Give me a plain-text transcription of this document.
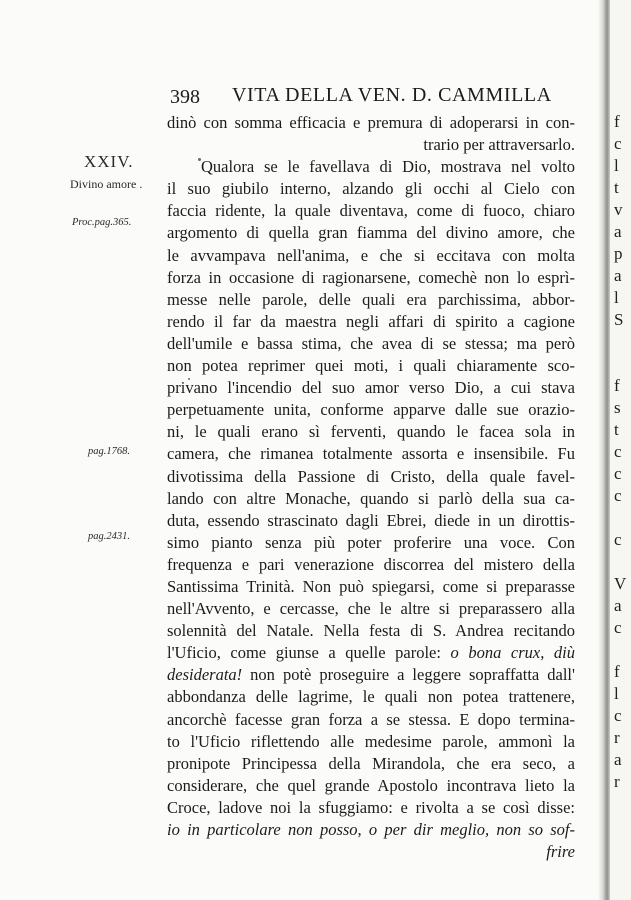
398 VITA DELLA VEN. D. CAMMILLA
XXIV.
Divino amore .
Proc.pag.365.
pag.1768.
pag.2431.
dinò con somma efficacia e premura di adoperarsi in con-
trario per attraversarlo.
Qualora se le favellava di Dio, mostrava nel volto
il suo giubilo interno, alzando gli occhi al Cielo con
faccia ridente, la quale diventava, come di fuoco, chiaro
argomento di quella gran fiamma del divino amore, che
le avvampava nell'anima, e che si eccitava con molta
forza in occasione di ragionarsene, comechè non lo esprì-
messe nelle parole, delle quali era parchissima, abbor-
rendo il far da maestra negli affari di spirito a cagione
dell'umile e bassa stima, che avea di se stessa; ma però
non potea reprimer quei moti, i quali chiaramente sco-
privano l'incendio del suo amor verso Dio, a cui stava
perpetuamente unita, conforme apparve dalle sue orazio-
ni, le quali erano sì ferventi, quando le facea sola in
camera, che rimanea totalmente assorta e insensibile. Fu
divotissima della Passione di Cristo, della quale favel-
lando con altre Monache, quando si parlò della sua ca-
duta, essendo strascinato dagli Ebrei, diede in un dirottis-
simo pianto senza più poter proferire una voce. Con
frequenza e pari venerazione discorrea del mistero della
Santissima Trinità. Non può spiegarsi, come si preparasse
nell'Avvento, e cercasse, che le altre si preparassero alla
solennità del Natale. Nella festa di S. Andrea recitando
l'Uficio, come giunse a quelle parole: o bona crux, diù
desiderata! non potè proseguire a leggere sopraffatta dall'
abbondanza delle lagrime, le quali non potea trattenere,
ancorchè facesse gran forza a se stessa. E dopo termina-
to l'Uficio riflettendo alle medesime parole, ammonì la
pronipote Principessa della Mirandola, che era seco, a
considerare, che quel grande Apostolo incontrava lieto la
Croce, ladove noi la sfuggiamo: e rivolta a se così disse:
io in particolare non posso, o per dir meglio, non so sof-
frire
f
c
l
t
v
a
p
a
l
S
f
s
t
c
c
c
c
V
a
c
f
l
c
r
a
r
